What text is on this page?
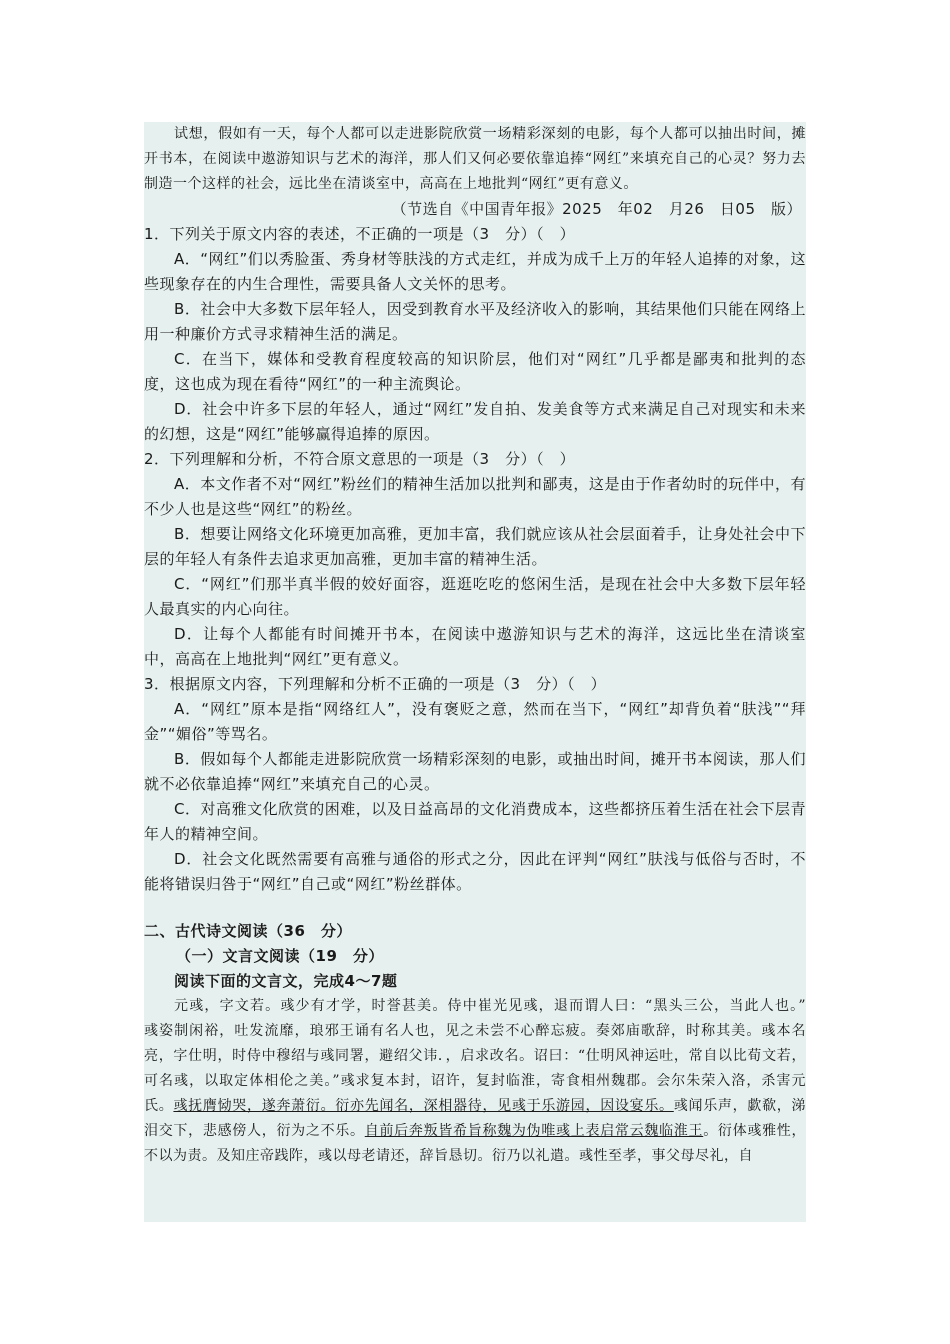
试想，假如有一天，每个人都可以走进影院欣赏一场精彩深刻的电影，每个人都可以抽出时间，摊开书本，在阅读中遨游知识与艺术的海洋，那人们又何必要依靠追捧“网红”来填充自己的心灵？努力去制造一个这样的社会，远比坐在清谈室中，高高在上地批判“网红”更有意义。

（节选自《中国青年报》2025　年02　月26　日05　版）

1．下列关于原文内容的表述，不正确的一项是（3　分）（　）

A．“网红”们以秀脸蛋、秀身材等肤浅的方式走红，并成为成千上万的年轻人追捧的对象，这些现象存在的内生合理性，需要具备人文关怀的思考。

B．社会中大多数下层年轻人，因受到教育水平及经济收入的影响，其结果他们只能在网络上用一种廉价方式寻求精神生活的满足。

C．在当下，媒体和受教育程度较高的知识阶层，他们对“网红”几乎都是鄙夷和批判的态度，这也成为现在看待“网红”的一种主流舆论。

D．社会中许多下层的年轻人，通过“网红”发自拍、发美食等方式来满足自己对现实和未来的幻想，这是“网红”能够赢得追捧的原因。

2．下列理解和分析，不符合原文意思的一项是（3　分）（　）

A．本文作者不对“网红”粉丝们的精神生活加以批判和鄙夷，这是由于作者幼时的玩伴中，有不少人也是这些“网红”的粉丝。

B．想要让网络文化环境更加高雅，更加丰富，我们就应该从社会层面着手，让身处社会中下层的年轻人有条件去追求更加高雅，更加丰富的精神生活。

C．“网红”们那半真半假的姣好面容，逛逛吃吃的悠闲生活，是现在社会中大多数下层年轻人最真实的内心向往。

D．让每个人都能有时间摊开书本，在阅读中遨游知识与艺术的海洋，这远比坐在清谈室中，高高在上地批判“网红”更有意义。

3．根据原文内容，下列理解和分析不正确的一项是（3　分）（　）

A．“网红”原本是指“网络红人”，没有褒贬之意，然而在当下，“网红”却背负着“肤浅”“拜金”“媚俗”等骂名。

B．假如每个人都能走进影院欣赏一场精彩深刻的电影，或抽出时间，摊开书本阅读，那人们就不必依靠追捧“网红”来填充自己的心灵。

C．对高雅文化欣赏的困难，以及日益高昂的文化消费成本，这些都挤压着生活在社会下层青年人的精神空间。

D．社会文化既然需要有高雅与通俗的形式之分，因此在评判“网红”肤浅与低俗与否时，不能将错误归咎于“网红”自己或“网红”粉丝群体。

二、古代诗文阅读（36　分）

（一）文言文阅读（19　分）

阅读下面的文言文，完成4～7题

元彧，字文若。彧少有才学，时誉甚美。侍中崔光见彧，退而谓人曰：“黑头三公，当此人也。”　　彧姿制闲裕，吐发流靡，琅邪王诵有名人也，见之未尝不心醉忘疲。奏郊庙歌辞，时称其美。彧本名亮，字仕明，时侍中穆绍与彧同署，避绍父讳．，启求改名。诏曰：“仕明风神运吐，常自以比荀文若，可名彧，以取定体相伦之美。”彧求复本封，诏许，复封临淮，寄食相州魏郡。会尔朱荣入洛，杀害元氏。彧抚膺恸哭，遂奔萧衍。衍亦先闻名，深相器待，见彧于乐游园，因设宴乐。彧闻乐声，歔欷，涕泪交下，悲感傍人，衍为之不乐。自前后奔叛皆希旨称魏为伪唯彧上表启常云魏临淮王。衍体彧雅性，不以为责。及知庄帝践阼，彧以母老请还，辞旨恳切。衍乃以礼遣。彧性至孝，事父母尽礼，自
